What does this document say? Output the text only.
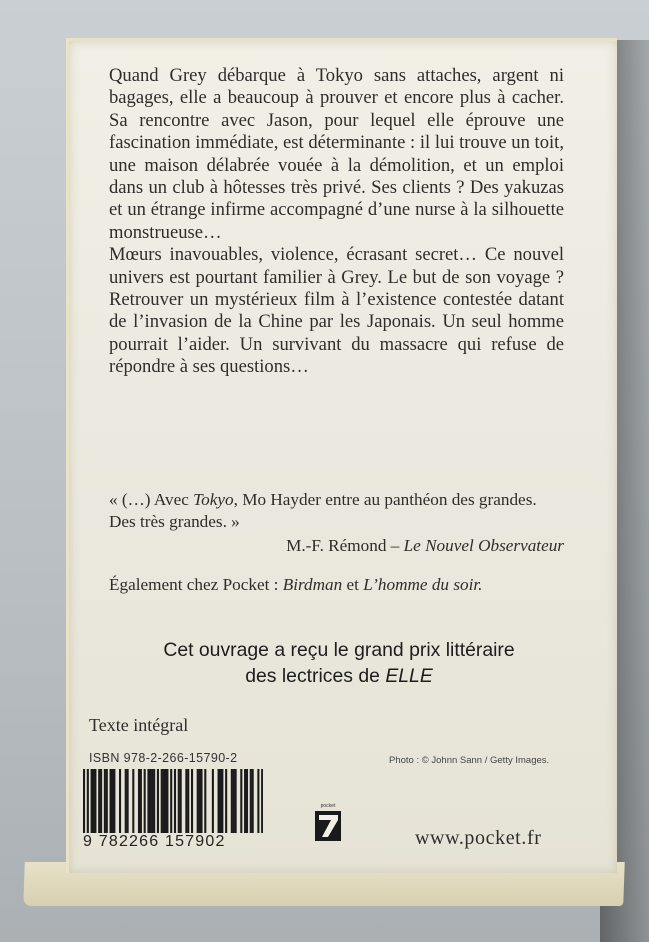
Quand Grey débarque à Tokyo sans attaches, argent ni bagages, elle a beaucoup à prouver et encore plus à cacher. Sa rencontre avec Jason, pour lequel elle éprouve une fascination immédiate, est déterminante : il lui trouve un toit, une maison délabrée vouée à la démolition, et un emploi dans un club à hôtesses très privé. Ses clients ? Des yakuzas et un étrange infirme accompagné d’une nurse à la silhouette monstrueuse…

Mœurs inavouables, violence, écrasant secret… Ce nouvel univers est pourtant familier à Grey. Le but de son voyage ? Retrouver un mystérieux film à l’existence contestée datant de l’invasion de la Chine par les Japonais. Un seul homme pourrait l’aider. Un survivant du massacre qui refuse de répondre à ses questions…

« (…) Avec Tokyo, Mo Hayder entre au panthéon des grandes. Des très grandes. »
M.-F. Rémond – Le Nouvel Observateur
Également chez Pocket : Birdman et L’homme du soir.
Cet ouvrage a reçu le grand prix littéraire
des lectrices de ELLE
Texte intégral
ISBN 978-2-266-15790-2	Photo : © Johnn Sann / Getty Images.
9 782266 157902
pocket
www.pocket.fr
